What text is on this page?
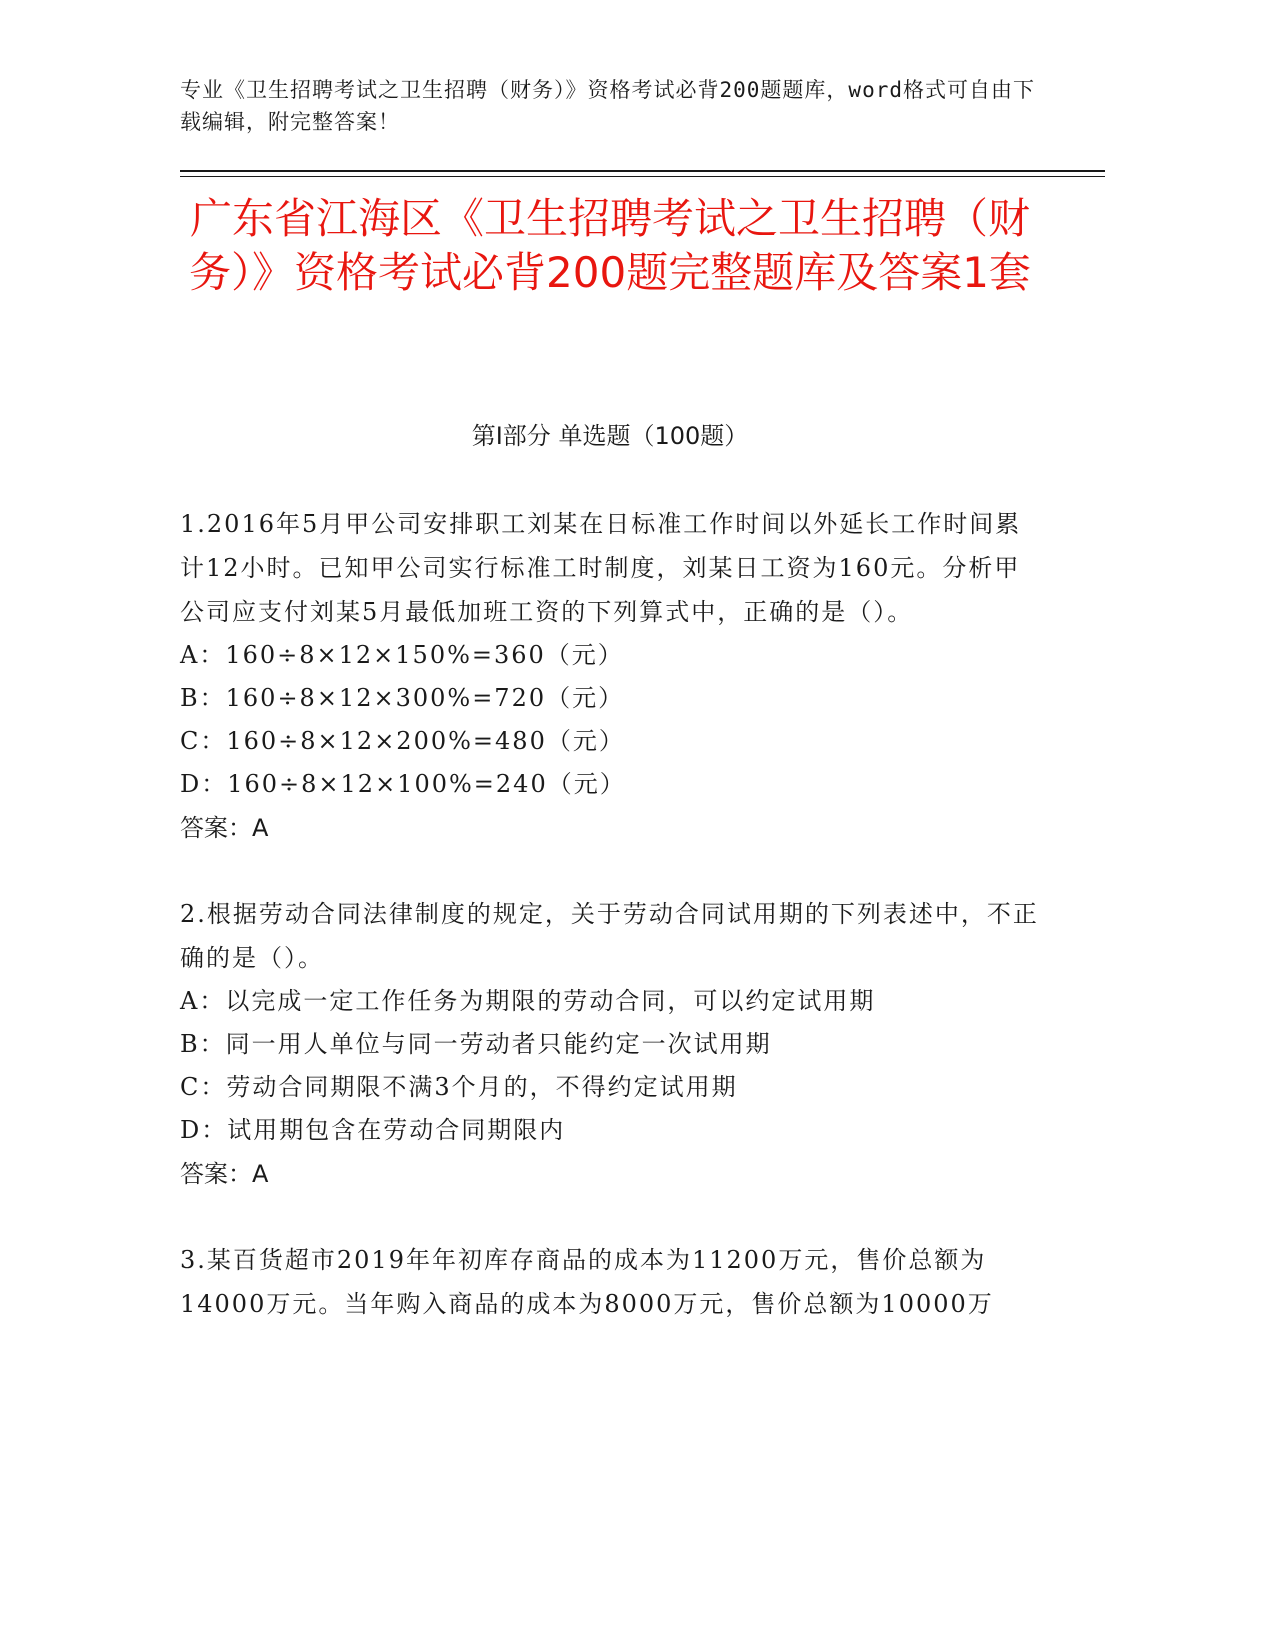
专业《卫生招聘考试之卫生招聘（财务）》资格考试必背200题题库，word格式可自由下载编辑，附完整答案！
广东省江海区《卫生招聘考试之卫生招聘（财务）》资格考试必背200题完整题库及答案1套
第I部分 单选题（100题）

1.2016年5月甲公司安排职工刘某在日标准工作时间以外延长工作时间累计12小时。已知甲公司实行标准工时制度，刘某日工资为160元。分析甲公司应支付刘某5月最低加班工资的下列算式中，正确的是（）。

A：160÷8×12×150%=360（元）

B：160÷8×12×300%=720（元）

C：160÷8×12×200%=480（元）

D：160÷8×12×100%=240（元）

答案：A

2.根据劳动合同法律制度的规定，关于劳动合同试用期的下列表述中，不正确的是（）。

A：以完成一定工作任务为期限的劳动合同，可以约定试用期

B：同一用人单位与同一劳动者只能约定一次试用期

C：劳动合同期限不满3个月的，不得约定试用期

D：试用期包含在劳动合同期限内

答案：A

3.某百货超市2019年年初库存商品的成本为11200万元，售价总额为14000万元。当年购入商品的成本为8000万元，售价总额为10000万
